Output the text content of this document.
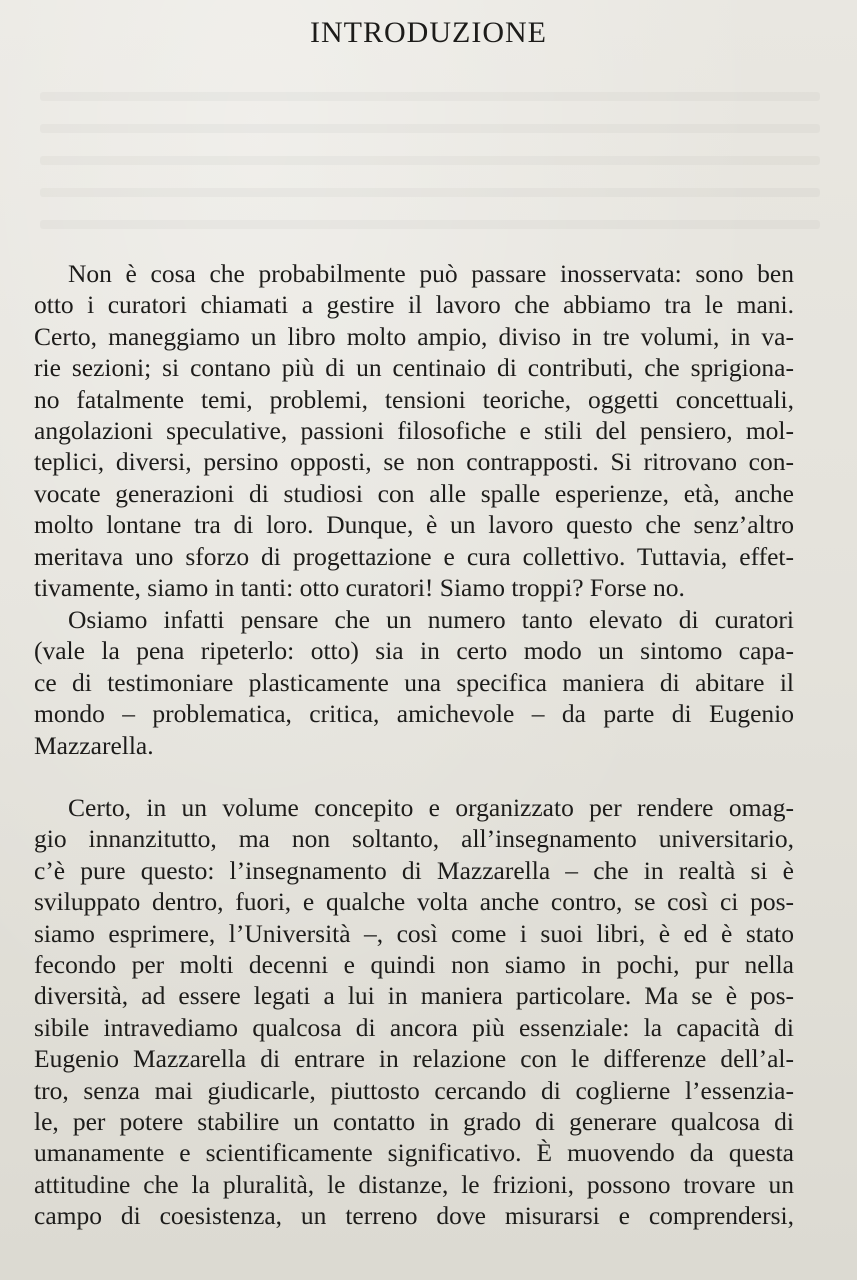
INTRODUZIONE
Non è cosa che probabilmente può passare inosservata: sono ben
otto i curatori chiamati a gestire il lavoro che abbiamo tra le mani.
Certo, maneggiamo un libro molto ampio, diviso in tre volumi, in va-
rie sezioni; si contano più di un centinaio di contributi, che sprigiona-
no fatalmente temi, problemi, tensioni teoriche, oggetti concettuali,
angolazioni speculative, passioni filosofiche e stili del pensiero, mol-
teplici, diversi, persino opposti, se non contrapposti. Si ritrovano con-
vocate generazioni di studiosi con alle spalle esperienze, età, anche
molto lontane tra di loro. Dunque, è un lavoro questo che senz’altro
meritava uno sforzo di progettazione e cura collettivo. Tuttavia, effet-
tivamente, siamo in tanti: otto curatori! Siamo troppi? Forse no.
Osiamo infatti pensare che un numero tanto elevato di curatori
(vale la pena ripeterlo: otto) sia in certo modo un sintomo capa-
ce di testimoniare plasticamente una specifica maniera di abitare il
mondo – problematica, critica, amichevole – da parte di Eugenio
Mazzarella.
Certo, in un volume concepito e organizzato per rendere omag-
gio innanzitutto, ma non soltanto, all’insegnamento universitario,
c’è pure questo: l’insegnamento di Mazzarella – che in realtà si è
sviluppato dentro, fuori, e qualche volta anche contro, se così ci pos-
siamo esprimere, l’Università –, così come i suoi libri, è ed è stato
fecondo per molti decenni e quindi non siamo in pochi, pur nella
diversità, ad essere legati a lui in maniera particolare. Ma se è pos-
sibile intravediamo qualcosa di ancora più essenziale: la capacità di
Eugenio Mazzarella di entrare in relazione con le differenze dell’al-
tro, senza mai giudicarle, piuttosto cercando di coglierne l’essenzia-
le, per potere stabilire un contatto in grado di generare qualcosa di
umanamente e scientificamente significativo. È muovendo da questa
attitudine che la pluralità, le distanze, le frizioni, possono trovare un
campo di coesistenza, un terreno dove misurarsi e comprendersi,
